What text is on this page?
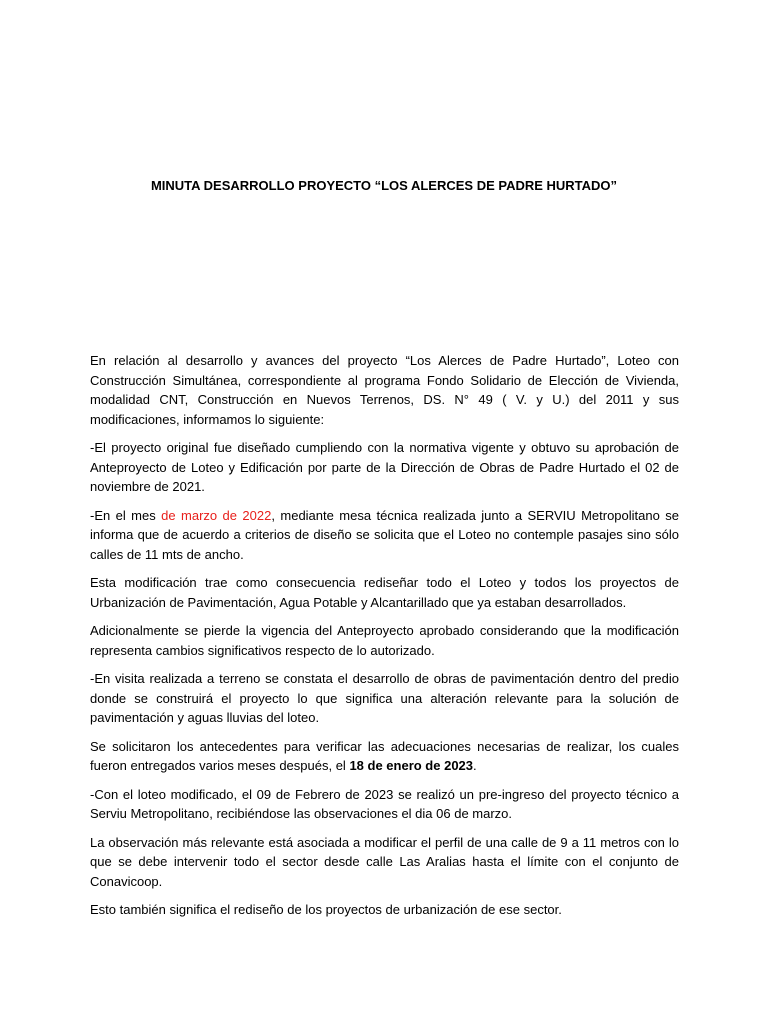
MINUTA DESARROLLO PROYECTO “LOS ALERCES DE PADRE HURTADO”

En relación al desarrollo y avances del proyecto “Los Alerces de Padre Hurtado”, Loteo con Construcción Simultánea, correspondiente al programa Fondo Solidario de Elección de Vivienda, modalidad CNT, Construcción en Nuevos Terrenos, DS. N° 49 ( V. y U.) del 2011 y sus modificaciones, informamos lo siguiente:

-El proyecto original fue diseñado cumpliendo con la normativa vigente y obtuvo su aprobación de Anteproyecto de Loteo y Edificación por parte de la Dirección de Obras de Padre Hurtado el 02 de noviembre de 2021.

-En el mes de marzo de 2022, mediante mesa técnica realizada junto a SERVIU Metropolitano se informa que de acuerdo a criterios de diseño se solicita que el Loteo no contemple pasajes sino sólo calles de 11 mts de ancho.

Esta modificación trae como consecuencia rediseñar todo el Loteo y todos los proyectos de Urbanización de Pavimentación, Agua Potable y Alcantarillado que ya estaban desarrollados.

Adicionalmente se pierde la vigencia del Anteproyecto aprobado considerando que la modificación representa cambios significativos respecto de lo autorizado.

-En visita realizada a terreno se constata el desarrollo de obras de pavimentación dentro del predio donde se construirá el proyecto lo que significa una alteración relevante para la solución de pavimentación y aguas lluvias del loteo.

Se solicitaron los antecedentes para verificar las adecuaciones necesarias de realizar, los cuales fueron entregados varios meses después, el 18 de enero de 2023.

-Con el loteo modificado, el 09 de Febrero de 2023 se realizó un pre-ingreso del proyecto técnico a Serviu Metropolitano, recibiéndose las observaciones el dia 06 de marzo.

La observación más relevante está asociada a modificar el perfil de una calle de 9 a 11 metros con lo que se debe intervenir todo el sector desde calle Las Aralias hasta el límite con el conjunto de Conavicoop.

Esto también significa el rediseño de los proyectos de urbanización de ese sector.
